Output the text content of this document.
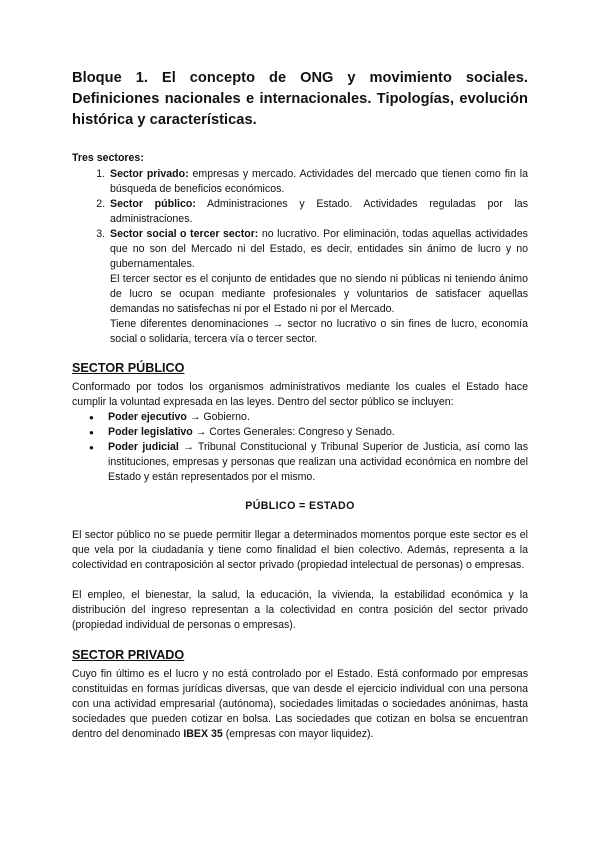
Bloque 1. El concepto de ONG y movimiento sociales. Definiciones nacionales e internacionales. Tipologías, evolución histórica y características.

Tres sectores:

1. Sector privado: empresas y mercado. Actividades del mercado que tienen como fin la búsqueda de beneficios económicos.
2. Sector público: Administraciones y Estado. Actividades reguladas por las administraciones.
3. Sector social o tercer sector: no lucrativo. Por eliminación, todas aquellas actividades que no son del Mercado ni del Estado, es decir, entidades sin ánimo de lucro y no gubernamentales.

El tercer sector es el conjunto de entidades que no siendo ni públicas ni teniendo ánimo de lucro se ocupan mediante profesionales y voluntarios de satisfacer aquellas demandas no satisfechas ni por el Estado ni por el Mercado.

Tiene diferentes denominaciones → sector no lucrativo o sin fines de lucro, economía social o solidaria, tercera vía o tercer sector.

SECTOR PÚBLICO

Conformado por todos los organismos administrativos mediante los cuales el Estado hace cumplir la voluntad expresada en las leyes. Dentro del sector público se incluyen:

● Poder ejecutivo → Gobierno.
● Poder legislativo → Cortes Generales: Congreso y Senado.
● Poder judicial → Tribunal Constitucional y Tribunal Superior de Justicia, así como las instituciones, empresas y personas que realizan una actividad económica en nombre del Estado y están representados por el mismo.

PÚBLICO = ESTADO

El sector público no se puede permitir llegar a determinados momentos porque este sector es el que vela por la ciudadanía y tiene como finalidad el bien colectivo. Además, representa a la colectividad en contraposición al sector privado (propiedad intelectual de personas) o empresas.

El empleo, el bienestar, la salud, la educación, la vivienda, la estabilidad económica y la distribución del ingreso representan a la colectividad en contra posición del sector privado (propiedad individual de personas o empresas).

SECTOR PRIVADO

Cuyo fin último es el lucro y no está controlado por el Estado. Está conformado por empresas constituidas en formas jurídicas diversas, que van desde el ejercicio individual con una persona con una actividad empresarial (autónoma), sociedades limitadas o sociedades anónimas, hasta sociedades que pueden cotizar en bolsa. Las sociedades que cotizan en bolsa se encuentran dentro del denominado IBEX 35 (empresas con mayor liquidez).
